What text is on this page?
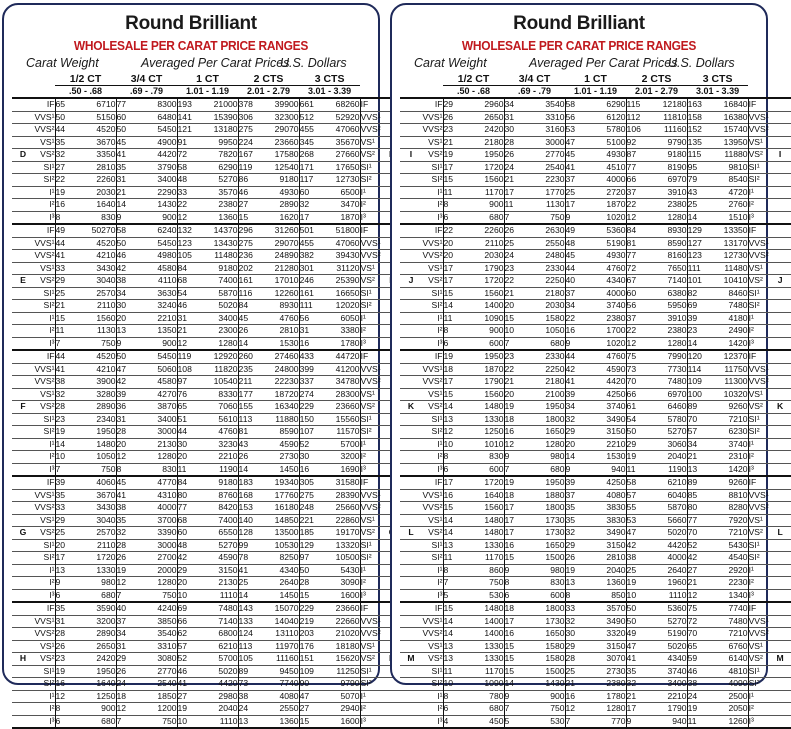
Round Brilliant
WHOLESALE PER CARAT PRICE RANGES
Carat Weight	Averaged Per Carat Prices
U.S. Dollars
		1/2 CT		3/4 CT		1 CT		2 CTS		3 CTS			
		.50 - .68		.69 - .79		1.01 - 1.19		2.01 - 2.79		3.01 - 3.39			
	IF	65	6710	77	8300	193	21000	378	39900	661	68260	IF	
	VVS¹	50	5150	60	6480	141	15390	306	32300	512	52920	VVS¹	
	VVS²	44	4520	50	5450	121	13180	275	29070	455	47060	VVS²	
	VS¹	35	3670	45	4900	91	9950	224	23660	345	35670	VS¹	
D	VS²	32	3350	41	4420	72	7820	167	17580	268	27660	VS²	
	SI¹	27	2810	35	3790	58	6290	119	12540	171	17650	SI¹	
	SI²	22	2260	31	3400	48	5270	86	9180	117	12730	SI²	
	I¹	19	2030	21	2290	33	3570	46	4930	60	6500	I¹	
	I²	16	1640	14	1430	22	2380	27	2890	32	3470	I²	
	I³	8	830	9	900	12	1360	15	1620	17	1870	I³	
	IF	49	50270	58	6240	132	14370	296	31260	501	51800	IF	
	VVS¹	44	4520	50	5450	123	13430	275	29070	455	47060	VVS¹	
	VVS²	41	4210	46	4980	105	11480	236	24890	382	39430	VVS²	
	VS¹	33	3430	42	4580	84	9180	202	21280	301	31120	VS¹	
E	VS²	29	3040	38	4110	68	7400	161	17010	246	25390	VS²	
	SI¹	25	2570	34	3630	54	5870	116	12260	161	16650	SI¹	
	SI²	21	2110	30	3240	46	5020	84	8930	111	12020	SI²	
	I¹	15	1560	20	2210	31	3400	45	4760	56	6050	I¹	
	I²	11	1130	13	1350	21	2300	26	2810	31	3380	I²	
	I³	7	750	9	900	12	1280	14	1530	16	1780	I³	
	IF	44	4520	50	5450	119	12920	260	27460	433	44720	IF	
	VVS¹	41	4210	47	5060	108	11820	235	24800	399	41200	VVS¹	
	VVS²	38	3900	42	4580	97	10540	211	22230	337	34780	VVS²	
	VS¹	32	3280	39	4270	76	8330	177	18720	274	28300	VS¹	
F	VS²	28	2890	36	3870	65	7060	155	16340	229	23660	VS²	
	SI¹	23	2340	31	3400	51	5610	113	11880	150	15560	SI¹	
	SI²	19	1950	28	3000	44	4760	81	8590	107	11570	SI²	
	I¹	14	1480	20	2130	30	3230	43	4590	52	5700	I¹	
	I²	10	1050	12	1280	20	2210	26	2730	30	3200	I²	
	I³	7	750	8	830	11	1190	14	1450	16	1690	I³	
	IF	39	4060	45	4770	84	9180	183	19340	305	31580	IF	
	VVS¹	35	3670	41	4310	80	8760	168	17760	275	28390	VVS¹	
	VVS²	33	3430	38	4000	77	8420	153	16180	248	25660	VVS²	
	VS¹	29	3040	35	3700	68	7400	140	14850	221	22860	VS¹	
G	VS²	25	2570	32	3390	60	6550	128	13500	185	19170	VS²	
	SI¹	20	2110	28	3000	48	5270	99	10530	129	13320	SI¹	
	SI²	17	1720	26	2700	42	4590	78	8250	97	10500	SI²	
	I¹	13	1330	19	2000	29	3150	41	4340	50	5430	I¹	
	I²	9	980	12	1280	20	2130	25	2640	28	3090	I²	
	I³	6	680	7	750	10	1110	14	1450	15	1600	I³	
	IF	35	3590	40	4240	69	7480	143	15070	229	23660	IF	
	VVS¹	31	3200	37	3850	66	7140	133	14040	219	22660	VVS¹	
	VVS²	28	2890	34	3540	62	6800	124	13110	203	21020	VVS²	
	VS¹	26	2650	31	3310	57	6210	113	11970	176	18180	VS¹	
H	VS²	23	2420	29	3080	52	5700	105	11160	151	15620	VS²	
	SI¹	19	1950	26	2770	46	5020	89	9450	109	11250	SI¹	
	SI²	16	1640	24	2540	41	4420	73	7740	90	9790	SI²	
	I¹	12	1250	18	1850	27	2980	38	4080	47	5070	I¹	
	I²	8	900	12	1200	19	2040	24	2550	27	2940	I²	
	I³	6	680	7	750	10	1110	13	1360	15	1600	I³	
Round Brilliant
WHOLESALE PER CARAT PRICE RANGES
Carat Weight	Averaged Per Carat Prices
U.S. Dollars
		1/2 CT		3/4 CT		1 CT		2 CTS		3 CTS			
		.50 - .68		.69 - .79		1.01 - 1.19		2.01 - 2.79		3.01 - 3.39			
	IF	29	2960	34	3540	58	6290	115	12180	163	16840	IF	
	VVS¹	26	2650	31	3310	56	6120	112	11810	158	16380	VVS¹	
	VVS²	23	2420	30	3160	53	5780	106	11160	152	15740	VVS²	
	VS¹	21	2180	28	3000	47	5100	92	9790	135	13950	VS¹	
I	VS²	19	1950	26	2770	45	4930	87	9180	115	11880	VS²	I
	SI¹	17	1720	24	2540	41	4510	77	8190	95	9810	SI¹	
	SI²	15	1560	21	2230	37	4000	66	6970	79	8540	SI²	
	I¹	11	1170	17	1770	25	2720	37	3910	43	4720	I¹	
	I²	8	900	11	1130	17	1870	22	2380	25	2760	I²	
	I³	6	680	7	750	9	1020	12	1280	14	1510	I³	
	IF	22	2260	26	2630	49	5360	84	8930	129	13350	IF	
	VVS¹	20	2110	25	2550	48	5190	81	8590	127	13170	VVS¹	
	VVS²	20	2030	24	2480	45	4930	77	8160	123	12730	VVS²	
	VS¹	17	1790	23	2330	44	4760	72	7650	111	11480	VS¹	
J	VS²	17	1720	22	2250	40	4340	67	7140	101	10410	VS²	J
	SI¹	15	1560	21	2180	37	4000	60	6380	82	8460	SI¹	
	SI²	14	1400	20	2030	34	3740	56	5950	69	7480	SI²	
	I¹	11	1090	15	1580	22	2380	37	3910	39	4180	I¹	
	I²	8	900	10	1050	16	1700	22	2380	23	2490	I²	
	I³	6	600	7	680	9	1020	12	1280	14	1420	I³	
	IF	19	1950	23	2330	44	4760	75	7990	120	12370	IF	
	VVS¹	18	1870	22	2250	42	4590	73	7730	114	11750	VVS¹	
	VVS²	17	1790	21	2180	41	4420	70	7480	109	11300	VVS²	
	VS¹	15	1560	20	2100	39	4250	66	6970	100	10320	VS¹	
K	VS²	14	1480	19	1950	34	3740	61	6460	89	9260	VS²	K
	SI¹	13	1330	18	1800	32	3490	54	5780	70	7210	SI¹	
	SI²	12	1250	16	1650	29	3150	50	5270	57	6230	SI²	
	I¹	10	1010	12	1280	20	2210	29	3060	34	3740	I¹	
	I²	8	830	9	980	14	1530	19	2040	21	2310	I²	
	I³	6	600	7	680	9	940	11	1190	13	1420	I³	
	IF	17	1720	19	1950	39	4250	58	6210	89	9260	IF	
	VVS¹	16	1640	18	1880	37	4080	57	6040	85	8810	VVS¹	
	VVS²	15	1560	17	1800	35	3830	55	5870	80	8280	VVS²	
	VS¹	14	1480	17	1730	35	3830	53	5660	77	7920	VS¹	
L	VS²	14	1480	17	1730	32	3490	47	5020	70	7210	VS²	L
	SI¹	13	1330	16	1650	29	3150	42	4420	52	5430	SI¹	
	SI²	11	1170	15	1500	26	2810	38	4000	42	4540	SI²	
	I¹	8	860	9	980	19	2040	25	2640	27	2920	I¹	
	I²	7	750	8	830	13	1360	19	1960	21	2230	I²	
	I³	5	530	6	600	8	850	10	1110	12	1340	I³	
	IF	15	1480	18	1800	33	3570	50	5360	75	7740	IF	
	VVS¹	14	1400	17	1730	32	3490	50	5270	72	7480	VVS¹	
	VVS²	14	1400	16	1650	30	3320	49	5190	70	7210	VVS²	
	VS¹	13	1330	15	1580	29	3150	47	5020	65	6760	VS¹	
M	VS²	13	1330	15	1580	28	3070	41	4340	59	6140	VS²	M
	SI¹	11	1170	15	1500	25	2730	35	3740	46	4810	SI¹	
	SI²	10	1090	14	1430	21	2380	32	3400	38	4090	SI²	
	I¹	8	780	9	900	16	1780	21	2210	24	2500	I¹	
	I²	6	680	7	750	12	1280	17	1790	19	2050	I²	
	I³	4	450	5	530	7	770	9	940	11	1260	I³	
